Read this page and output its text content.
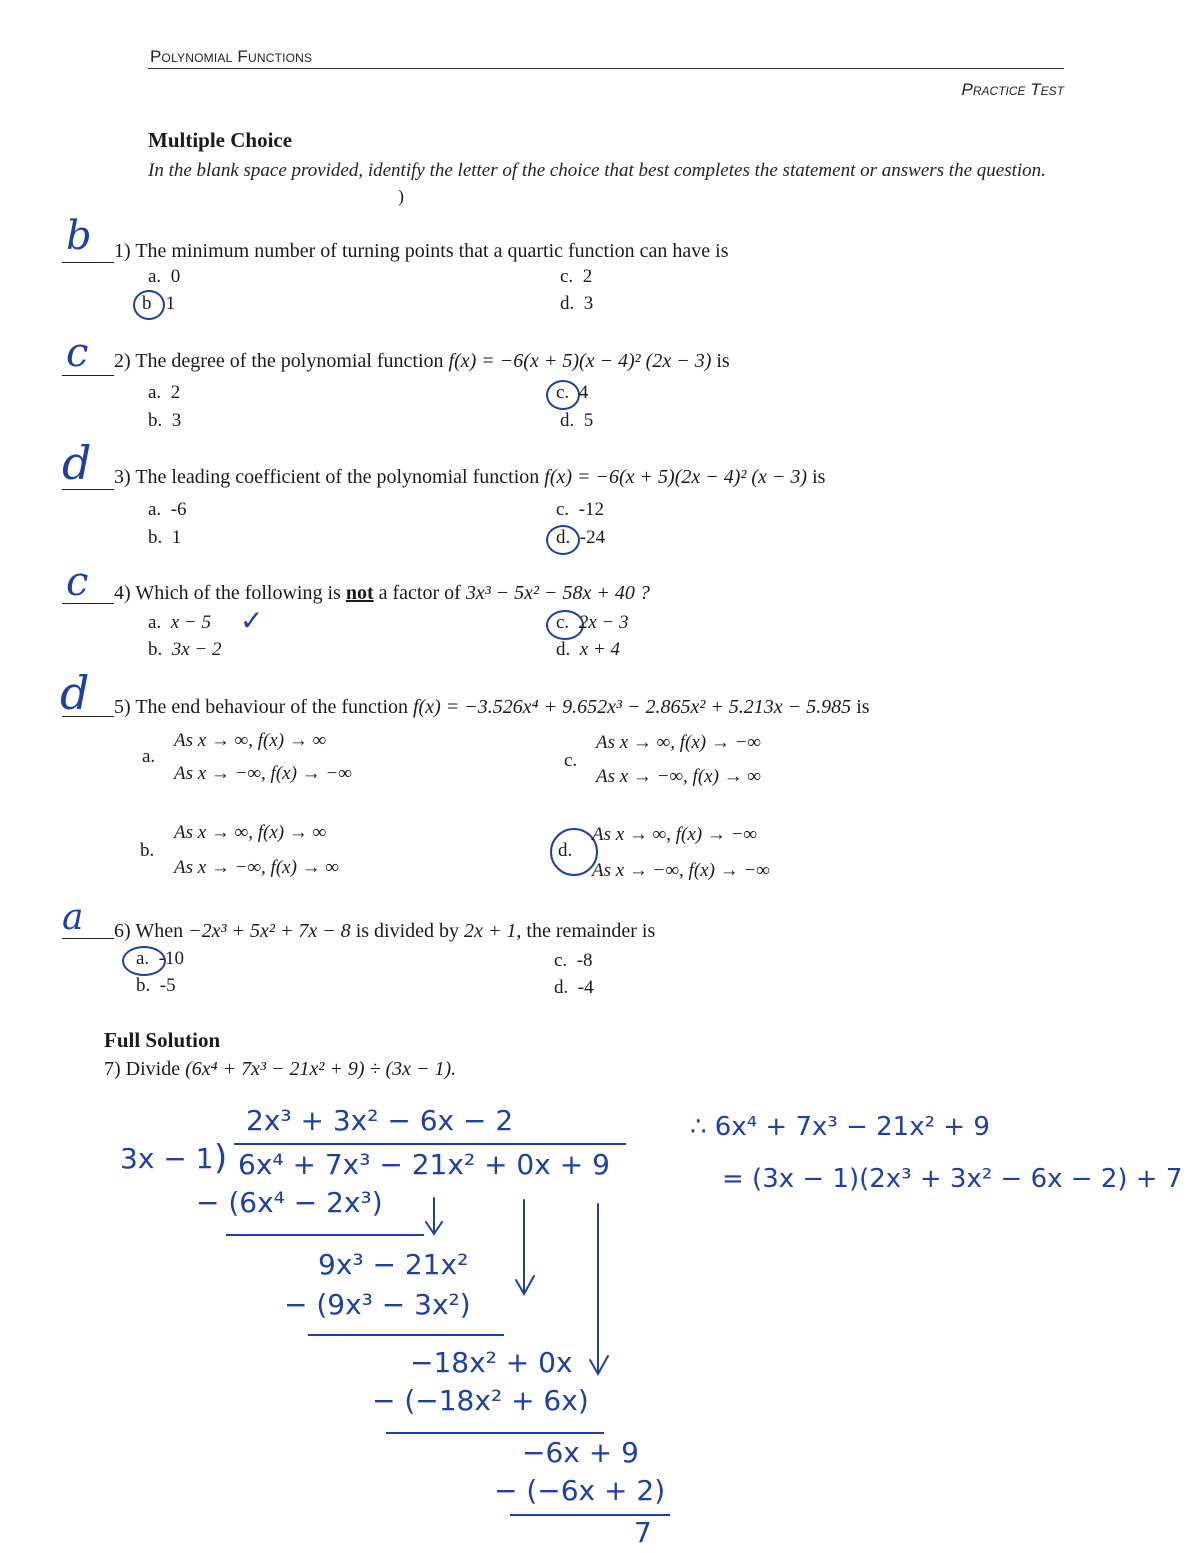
Polynomial Functions
Practice Test
Multiple Choice
In the blank space provided, identify the letter of the choice that best completes the statement or answers the question.
)
b 1) The minimum number of turning points that a quartic function can have is
a. 0
b 1
c. 2
d. 3
c 2) The degree of the polynomial function f(x) = −6(x + 5)(x − 4)² (2x − 3) is
a. 2
b. 3
c. 4
d. 5
d 3) The leading coefficient of the polynomial function f(x) = −6(x + 5)(2x − 4)² (x − 3) is
a. -6
b. 1
c. -12
d. -24
c 4) Which of the following is not a factor of 3x³ − 5x² − 58x + 40 ?
a. x − 5 ✓
b. 3x − 2
c. 2x − 3
d. x + 4
d 5) The end behaviour of the function f(x) = −3.526x⁴ + 9.652x³ − 2.865x² + 5.213x − 5.985 is
a.
As x → ∞, f(x) → ∞
As x → −∞, f(x) → −∞
c.
As x → ∞, f(x) → −∞
As x → −∞, f(x) → ∞
b.
As x → ∞, f(x) → ∞
As x → −∞, f(x) → ∞
d.
As x → ∞, f(x) → −∞
As x → −∞, f(x) → −∞
a 6) When −2x³ + 5x² + 7x − 8 is divided by 2x + 1, the remainder is
a. -10
b. -5
c. -8
d. -4
Full Solution
7) Divide (6x⁴ + 7x³ − 21x² + 9) ÷ (3x − 1).
2x³ + 3x² − 6x − 2
3x − 1 ) 6x⁴ + 7x³ − 21x² + 0x + 9
− (6x⁴ − 2x³)
9x³ − 21x²
− (9x³ − 3x²)
−18x² + 0x
− (−18x² + 6x)
−6x + 9
− (−6x + 2)
7
∴ 6x⁴ + 7x³ − 21x² + 9
= (3x − 1)(2x³ + 3x² − 6x − 2) + 7
